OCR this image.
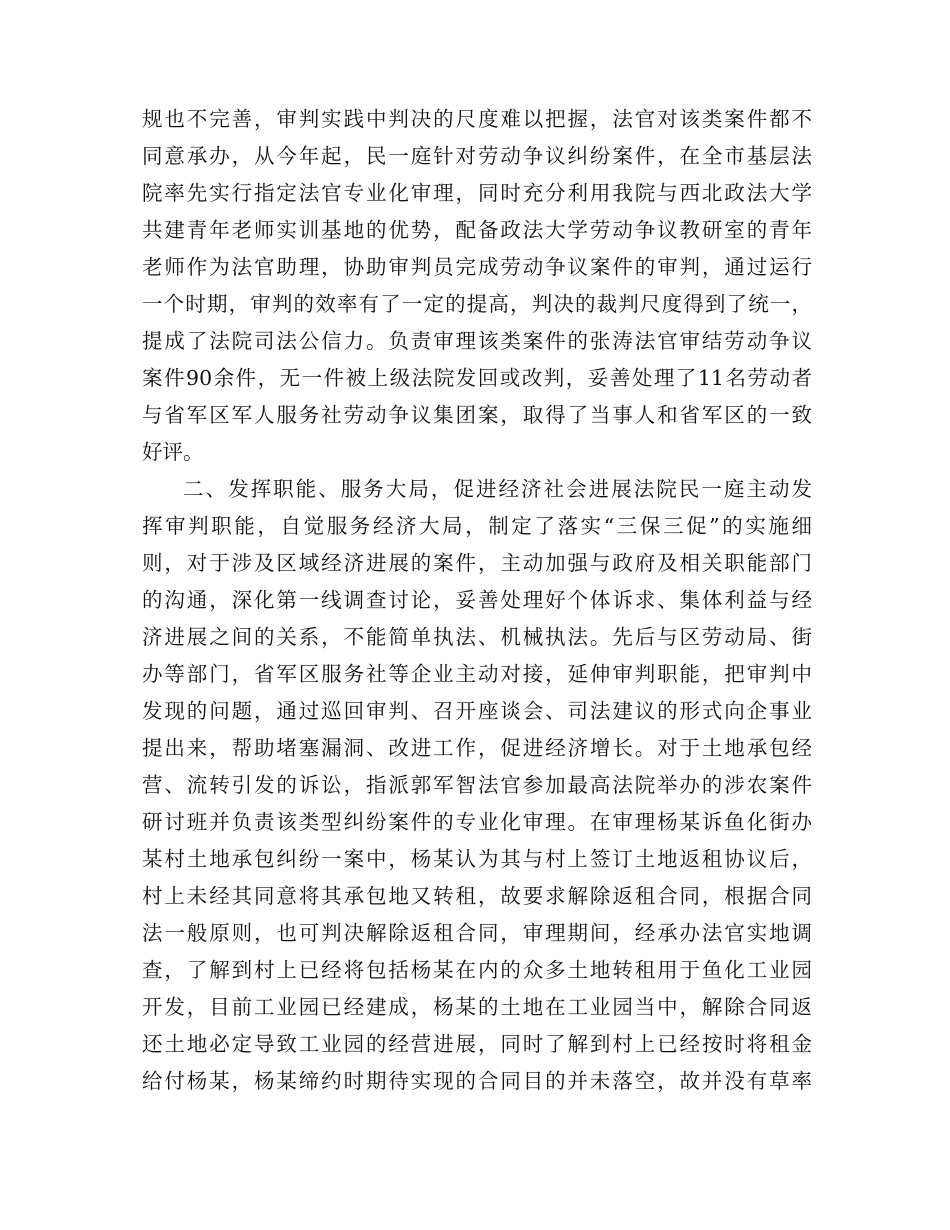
规也不完善，审判实践中判决的尺度难以把握，法官对该类案件都不
同意承办，从今年起，民一庭针对劳动争议纠纷案件，在全市基层法
院率先实行指定法官专业化审理，同时充分利用我院与西北政法大学
共建青年老师实训基地的优势，配备政法大学劳动争议教研室的青年
老师作为法官助理，协助审判员完成劳动争议案件的审判，通过运行
一个时期，审判的效率有了一定的提高，判决的裁判尺度得到了统一，
提成了法院司法公信力。负责审理该类案件的张涛法官审结劳动争议
案件90余件，无一件被上级法院发回或改判，妥善处理了11名劳动者
与省军区军人服务社劳动争议集团案，取得了当事人和省军区的一致
好评。
二、发挥职能、服务大局，促进经济社会进展法院民一庭主动发
挥审判职能，自觉服务经济大局，制定了落实“三保三促”的实施细
则，对于涉及区域经济进展的案件，主动加强与政府及相关职能部门
的沟通，深化第一线调查讨论，妥善处理好个体诉求、集体利益与经
济进展之间的关系，不能简单执法、机械执法。先后与区劳动局、街
办等部门，省军区服务社等企业主动对接，延伸审判职能，把审判中
发现的问题，通过巡回审判、召开座谈会、司法建议的形式向企事业
提出来，帮助堵塞漏洞、改进工作，促进经济增长。对于土地承包经
营、流转引发的诉讼，指派郭军智法官参加最高法院举办的涉农案件
研讨班并负责该类型纠纷案件的专业化审理。在审理杨某诉鱼化街办
某村土地承包纠纷一案中，杨某认为其与村上签订土地返租协议后，
村上未经其同意将其承包地又转租，故要求解除返租合同，根据合同
法一般原则，也可判决解除返租合同，审理期间，经承办法官实地调
查，了解到村上已经将包括杨某在内的众多土地转租用于鱼化工业园
开发，目前工业园已经建成，杨某的土地在工业园当中，解除合同返
还土地必定导致工业园的经营进展，同时了解到村上已经按时将租金
给付杨某，杨某缔约时期待实现的合同目的并未落空，故并没有草率
